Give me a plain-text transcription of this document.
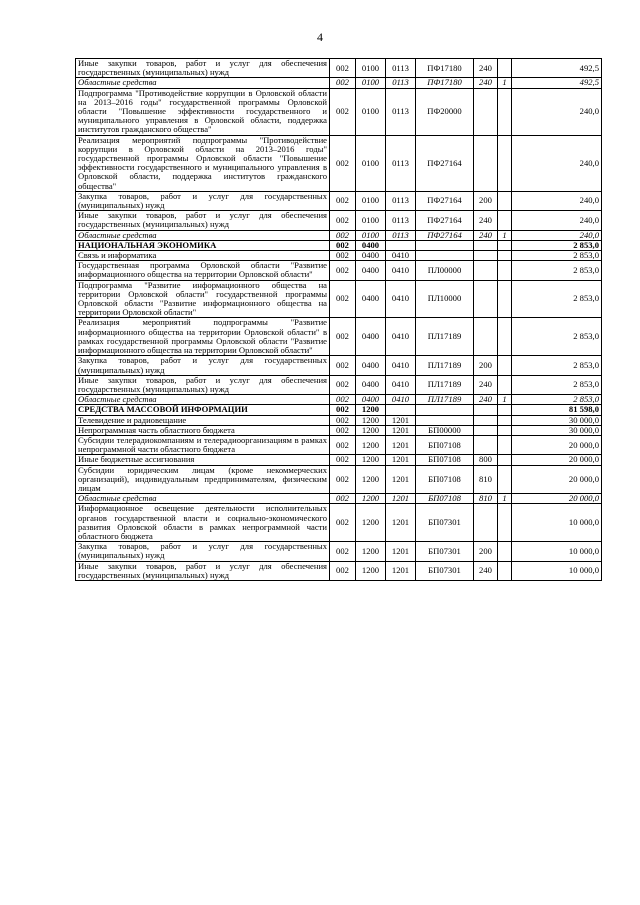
4
Иные закупки товаров, работ и услуг для обеспечения государственных (муниципальных) нужд	002	0100	0113	ПФ17180	240		492,5
Областные средства	002	0100	0113	ПФ17180	240	1	492,5
Подпрограмма "Противодействие коррупции в Орловской области на 2013–2016 годы" государственной программы Орловской области "Повышение эффективности государственного и муниципального управления в Орловской области, поддержка институтов гражданского общества"	002	0100	0113	ПФ20000			240,0
Реализация мероприятий подпрограммы "Противодействие коррупции в Орловской области на 2013–2016 годы" государственной программы Орловской области "Повышение эффективности государственного и муниципального управления в Орловской области, поддержка институтов гражданского общества"	002	0100	0113	ПФ27164			240,0
Закупка товаров, работ и услуг для государственных (муниципальных) нужд	002	0100	0113	ПФ27164	200		240,0
Иные закупки товаров, работ и услуг для обеспечения государственных (муниципальных) нужд	002	0100	0113	ПФ27164	240		240,0
Областные средства	002	0100	0113	ПФ27164	240	1	240,0
НАЦИОНАЛЬНАЯ ЭКОНОМИКА	002	0400					2 853,0
Связь и информатика	002	0400	0410				2 853,0
Государственная программа Орловской области "Развитие информационного общества на территории Орловской области"	002	0400	0410	ПЛ00000			2 853,0
Подпрограмма "Развитие информационного общества на территории Орловской области" государственной программы Орловской области "Развитие информационного общества на территории Орловской области"	002	0400	0410	ПЛ10000			2 853,0
Реализация мероприятий подпрограммы "Развитие информационного общества на территории Орловской области" в рамках государственной программы Орловской области "Развитие информационного общества на территории Орловской области"	002	0400	0410	ПЛ17189			2 853,0
Закупка товаров, работ и услуг для государственных (муниципальных) нужд	002	0400	0410	ПЛ17189	200		2 853,0
Иные закупки товаров, работ и услуг для обеспечения государственных (муниципальных) нужд	002	0400	0410	ПЛ17189	240		2 853,0
Областные средства	002	0400	0410	ПЛ17189	240	1	2 853,0
СРЕДСТВА МАССОВОЙ ИНФОРМАЦИИ	002	1200					81 598,0
Телевидение и радиовещание	002	1200	1201				30 000,0
Непрограммная часть областного бюджета	002	1200	1201	БП00000			30 000,0
Субсидии телерадиокомпаниям и телерадиоорганизациям в рамках непрограммной части областного бюджета	002	1200	1201	БП07108			20 000,0
Иные бюджетные ассигнования	002	1200	1201	БП07108	800		20 000,0
Субсидии юридическим лицам (кроме некоммерческих организаций), индивидуальным предпринимателям, физическим лицам	002	1200	1201	БП07108	810		20 000,0
Областные средства	002	1200	1201	БП07108	810	1	20 000,0
Информационное освещение деятельности исполнительных органов государственной власти и социально-экономического развития Орловской области в рамках непрограммной части областного бюджета	002	1200	1201	БП07301			10 000,0
Закупка товаров, работ и услуг для государственных (муниципальных) нужд	002	1200	1201	БП07301	200		10 000,0
Иные закупки товаров, работ и услуг для обеспечения государственных (муниципальных) нужд	002	1200	1201	БП07301	240		10 000,0
